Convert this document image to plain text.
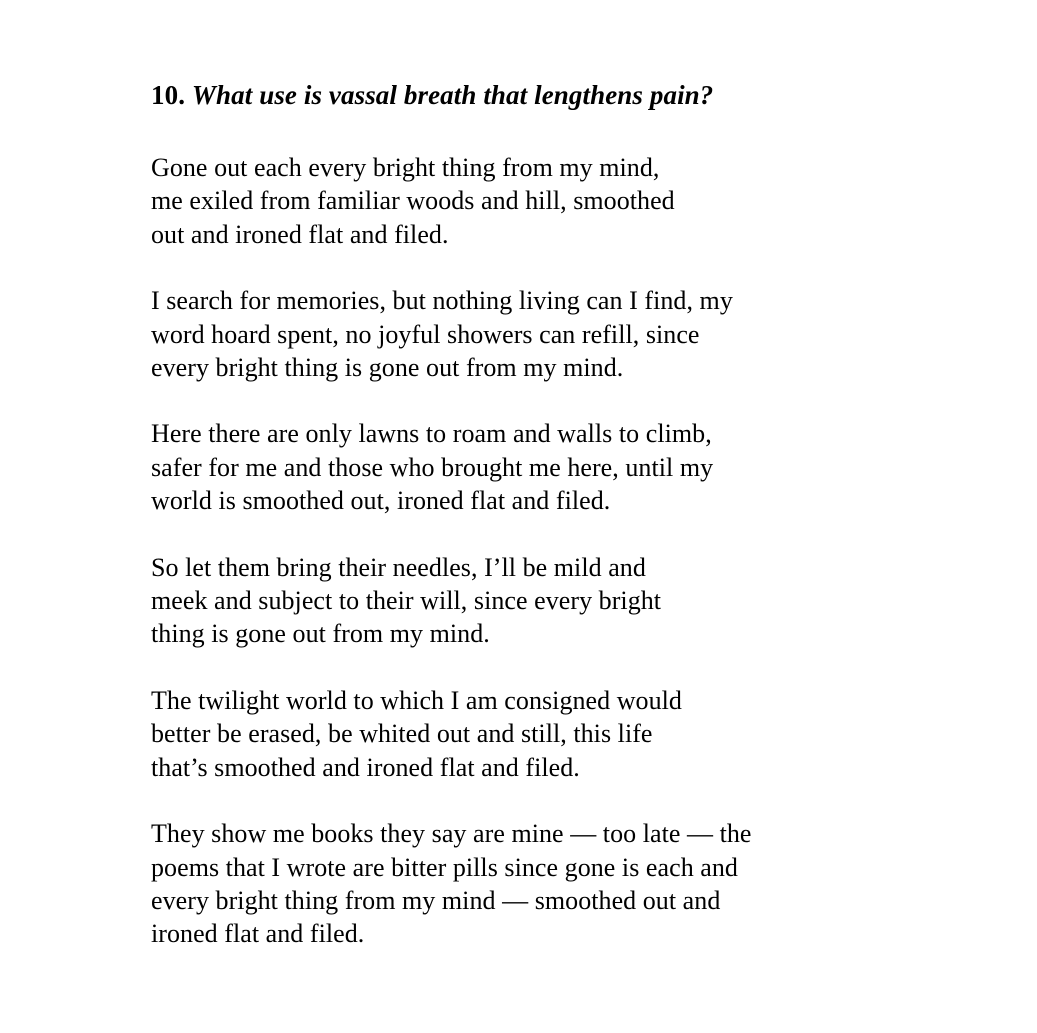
10. What use is vassal breath that lengthens pain?
Gone out each every bright thing from my mind,
me exiled from familiar woods and hill, smoothed
out and ironed flat and filed.
I search for memories, but nothing living can I find, my
word hoard spent, no joyful showers can refill, since
every bright thing is gone out from my mind.
Here there are only lawns to roam and walls to climb,
safer for me and those who brought me here, until my
world is smoothed out, ironed flat and filed.
So let them bring their needles, I’ll be mild and
meek and subject to their will, since every bright
thing is gone out from my mind.
The twilight world to which I am consigned would
better be erased, be whited out and still, this life
that’s smoothed and ironed flat and filed.
They show me books they say are mine — too late — the
poems that I wrote are bitter pills since gone is each and
every bright thing from my mind — smoothed out and
ironed flat and filed.
